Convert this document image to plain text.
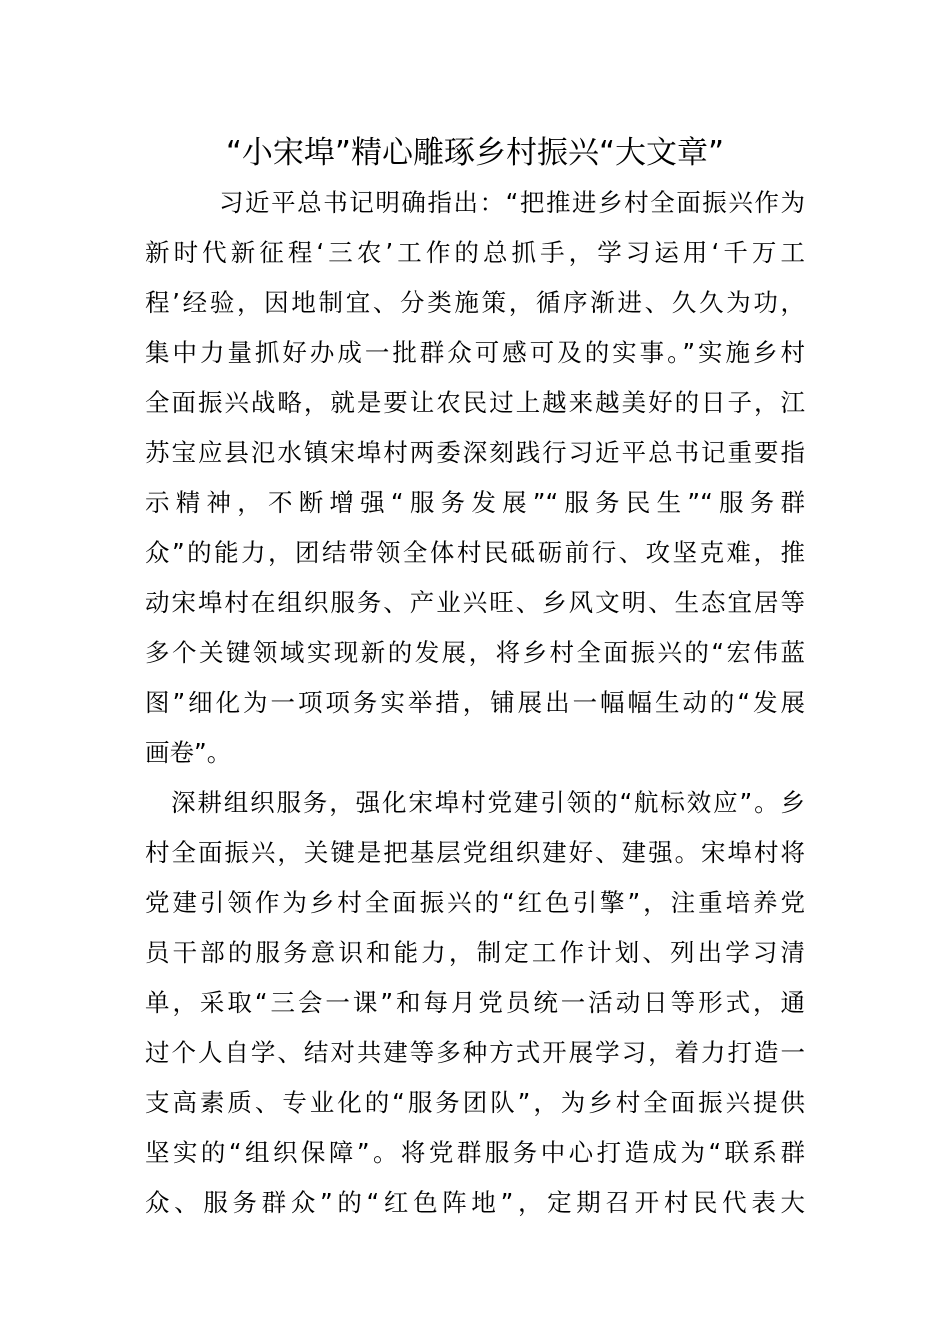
“小宋埠”精心雕琢乡村振兴“大文章”
习近平总书记明确指出：“把推进乡村全面振兴作为
新时代新征程‘三农’工作的总抓手，学习运用‘千万工
程’经验，因地制宜、分类施策，循序渐进、久久为功，
集中力量抓好办成一批群众可感可及的实事。”实施乡村
全面振兴战略，就是要让农民过上越来越美好的日子，江
苏宝应县氾水镇宋埠村两委深刻践行习近平总书记重要指
示精神，不断增强“服务发展”“服务民生”“服务群
众”的能力，团结带领全体村民砥砺前行、攻坚克难，推
动宋埠村在组织服务、产业兴旺、乡风文明、生态宜居等
多个关键领域实现新的发展，将乡村全面振兴的“宏伟蓝
图”细化为一项项务实举措，铺展出一幅幅生动的“发展
画卷”。
深耕组织服务，强化宋埠村党建引领的“航标效应”。乡
村全面振兴，关键是把基层党组织建好、建强。宋埠村将
党建引领作为乡村全面振兴的“红色引擎”，注重培养党
员干部的服务意识和能力，制定工作计划、列出学习清
单，采取“三会一课”和每月党员统一活动日等形式，通
过个人自学、结对共建等多种方式开展学习，着力打造一
支高素质、专业化的“服务团队”，为乡村全面振兴提供
坚实的“组织保障”。将党群服务中心打造成为“联系群
众、服务群众”的“红色阵地”，定期召开村民代表大
